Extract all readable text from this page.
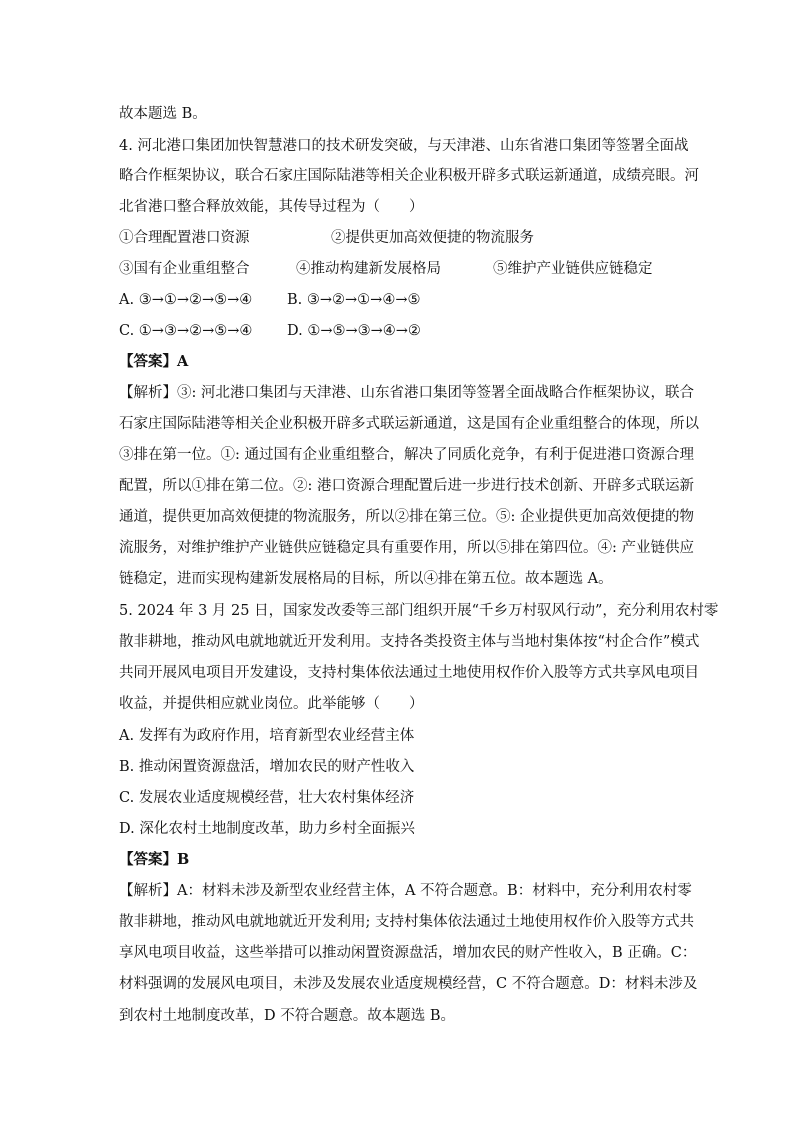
故本题选 B。
4. 河北港口集团加快智慧港口的技术研发突破，与天津港、山东省港口集团等签署全面战
略合作框架协议，联合石家庄国际陆港等相关企业积极开辟多式联运新通道，成绩亮眼。河
北省港口整合释放效能，其传导过程为（　　）
①合理配置港口资源	②提供更加高效便捷的物流服务
③国有企业重组整合	④推动构建新发展格局	⑤维护产业链供应链稳定
A. ③→①→②→⑤→④ B. ③→②→①→④→⑤
C. ①→③→②→⑤→④ D. ①→⑤→③→④→②
【答案】A
【解析】③: 河北港口集团与天津港、山东省港口集团等签署全面战略合作框架协议，联合
石家庄国际陆港等相关企业积极开辟多式联运新通道，这是国有企业重组整合的体现，所以
③排在第一位。①: 通过国有企业重组整合，解决了同质化竞争，有利于促进港口资源合理
配置，所以①排在第二位。②: 港口资源合理配置后进一步进行技术创新、开辟多式联运新
通道，提供更加高效便捷的物流服务，所以②排在第三位。⑤: 企业提供更加高效便捷的物
流服务，对维护维护产业链供应链稳定具有重要作用，所以⑤排在第四位。④: 产业链供应
链稳定，进而实现构建新发展格局的目标，所以④排在第五位。故本题选 A。
5. 2024 年 3 月 25 日，国家发改委等三部门组织开展“千乡万村驭风行动”，充分利用农村零
散非耕地，推动风电就地就近开发利用。支持各类投资主体与当地村集体按“村企合作”模式
共同开展风电项目开发建设，支持村集体依法通过土地使用权作价入股等方式共享风电项目
收益，并提供相应就业岗位。此举能够（　　）
A. 发挥有为政府作用，培育新型农业经营主体
B. 推动闲置资源盘活，增加农民的财产性收入
C. 发展农业适度规模经营，壮大农村集体经济
D. 深化农村土地制度改革，助力乡村全面振兴
【答案】B
【解析】A：材料未涉及新型农业经营主体，A 不符合题意。B：材料中，充分利用农村零
散非耕地，推动风电就地就近开发利用; 支持村集体依法通过土地使用权作价入股等方式共
享风电项目收益，这些举措可以推动闲置资源盘活，增加农民的财产性收入，B 正确。C：
材料强调的发展风电项目，未涉及发展农业适度规模经营，C 不符合题意。D：材料未涉及
到农村土地制度改革，D 不符合题意。故本题选 B。
